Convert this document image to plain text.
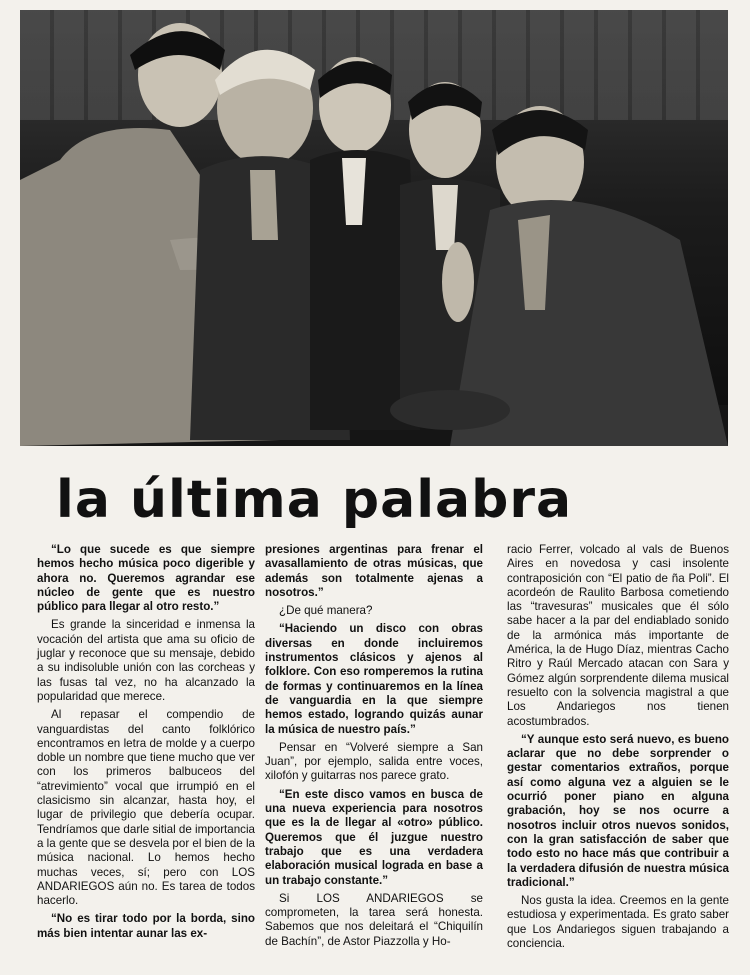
la última palabra

“Lo que sucede es que siempre hemos hecho música poco digerible y ahora no. Queremos agrandar ese núcleo de gente que es nuestro público para llegar al otro resto.”

Es grande la sinceridad e inmensa la vocación del artista que ama su oficio de juglar y reconoce que su mensaje, debido a su indisoluble unión con las corcheas y las fusas tal vez, no ha alcanzado la popularidad que merece.

Al repasar el compendio de vanguardistas del canto folklórico encontramos en letra de molde y a cuerpo doble un nombre que tiene mucho que ver con los primeros balbuceos del “atrevimiento” vocal que irrumpió en el clasicismo sin alcanzar, hasta hoy, el lugar de privilegio que debería ocupar. Tendríamos que darle sitial de importancia a la gente que se desvela por el bien de la música nacional. Lo hemos hecho muchas veces, sí; pero con LOS ANDARIEGOS aún no. Es tarea de todos hacerlo.

“No es tirar todo por la borda, sino más bien intentar aunar las ex-

presiones argentinas para frenar el avasallamiento de otras músicas, que además son totalmente ajenas a nosotros.”

¿De qué manera?

“Haciendo un disco con obras diversas en donde incluiremos instrumentos clásicos y ajenos al folklore. Con eso romperemos la rutina de formas y continuaremos en la línea de vanguardia en la que siempre hemos estado, logrando quizás aunar la música de nuestro país.”

Pensar en “Volveré siempre a San Juan”, por ejemplo, salida entre voces, xilofón y guitarras nos parece grato.

“En este disco vamos en busca de una nueva experiencia para nosotros que es la de llegar al «otro» público. Queremos que él juzgue nuestro trabajo que es una verdadera elaboración musical lograda en base a un trabajo constante.”

Si LOS ANDARIEGOS se comprometen, la tarea será honesta. Sabemos que nos deleitará el “Chiquilín de Bachín”, de Astor Piazzolla y Ho-

racio Ferrer, volcado al vals de Buenos Aires en novedosa y casi insolente contraposición con “El patio de ña Poli”. El acordeón de Raulito Barbosa cometiendo las “travesuras” musicales que él sólo sabe hacer a la par del endiablado sonido de la armónica más importante de América, la de Hugo Díaz, mientras Cacho Ritro y Raúl Mercado atacan con Sara y Gómez algún sorprendente dilema musical resuelto con la solvencia magistral a que Los Andariegos nos tienen acostumbrados.

“Y aunque esto será nuevo, es bueno aclarar que no debe sorprender o gestar comentarios extraños, porque así como alguna vez a alguien se le ocurrió poner piano en alguna grabación, hoy se nos ocurre a nosotros incluir otros nuevos sonidos, con la gran satisfacción de saber que todo esto no hace más que contribuir a la verdadera difusión de nuestra música tradicional.”

Nos gusta la idea. Creemos en la gente estudiosa y experimentada. Es grato saber que Los Andariegos siguen trabajando a conciencia.
